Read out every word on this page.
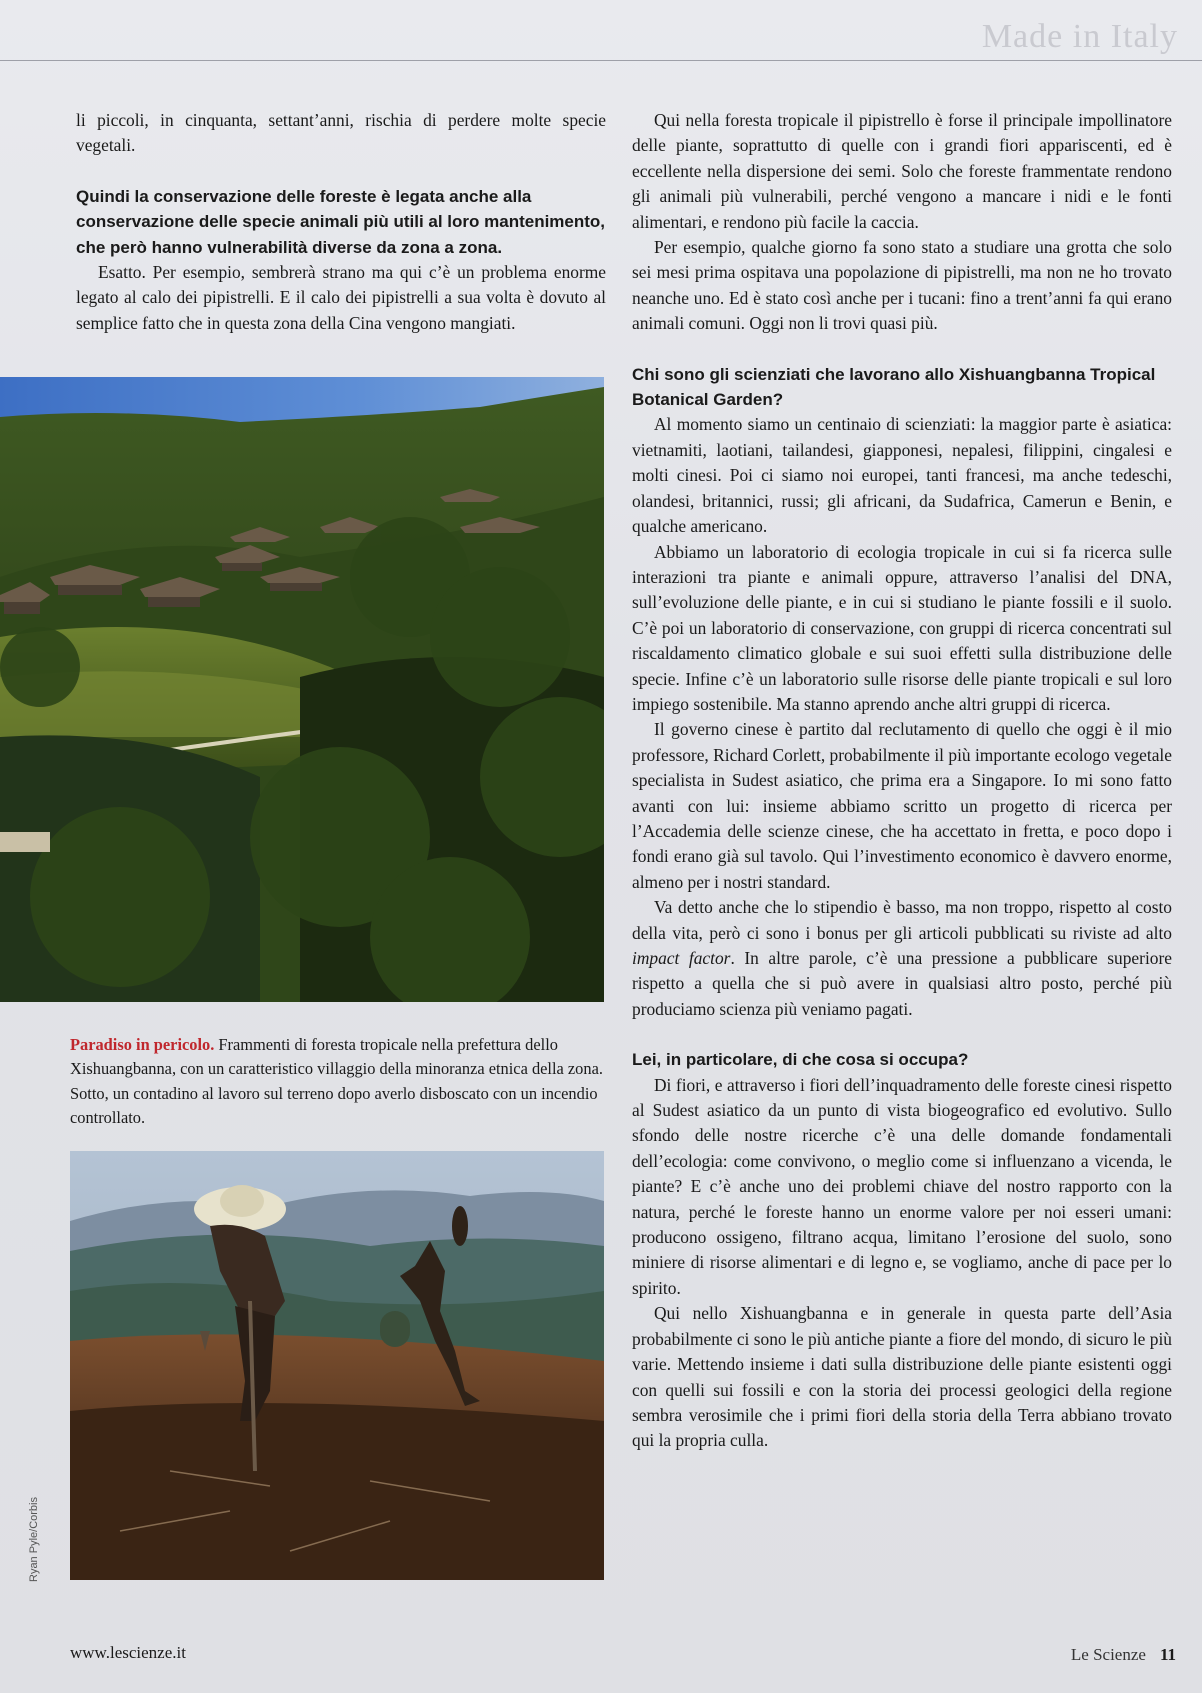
Made in Italy

li piccoli, in cinquanta, settant’anni, rischia di perdere molte specie vegetali.

Quindi la conservazione delle foreste è legata anche alla conservazione delle specie animali più utili al loro mantenimento, che però hanno vulnerabilità diverse da zona a zona.

Esatto. Per esempio, sembrerà strano ma qui c’è un problema enorme legato al calo dei pipistrelli. E il calo dei pipistrelli a sua volta è dovuto al semplice fatto che in questa zona della Cina vengono mangiati.

Paradiso in pericolo. Frammenti di foresta tropicale nella prefettura dello Xishuangbanna, con un caratteristico villaggio della minoranza etnica della zona. Sotto, un contadino al lavoro sul terreno dopo averlo disboscato con un incendio controllato.
Ryan Pyle/Corbis

Qui nella foresta tropicale il pipistrello è forse il principale impollinatore delle piante, soprattutto di quelle con i grandi fiori appariscenti, ed è eccellente nella dispersione dei semi. Solo che foreste frammentate rendono gli animali più vulnerabili, perché vengono a mancare i nidi e le fonti alimentari, e rendono più facile la caccia.

Per esempio, qualche giorno fa sono stato a studiare una grotta che solo sei mesi prima ospitava una popolazione di pipistrelli, ma non ne ho trovato neanche uno. Ed è stato così anche per i tucani: fino a trent’anni fa qui erano animali comuni. Oggi non li trovi quasi più.

Chi sono gli scienziati che lavorano allo Xishuangbanna Tropical Botanical Garden?

Al momento siamo un centinaio di scienziati: la maggior parte è asiatica: vietnamiti, laotiani, tailandesi, giapponesi, nepalesi, filippini, cingalesi e molti cinesi. Poi ci siamo noi europei, tanti francesi, ma anche tedeschi, olandesi, britannici, russi; gli africani, da Sudafrica, Camerun e Benin, e qualche americano.

Abbiamo un laboratorio di ecologia tropicale in cui si fa ricerca sulle interazioni tra piante e animali oppure, attraverso l’analisi del DNA, sull’evoluzione delle piante, e in cui si studiano le piante fossili e il suolo. C’è poi un laboratorio di conservazione, con gruppi di ricerca concentrati sul riscaldamento climatico globale e sui suoi effetti sulla distribuzione delle specie. Infine c’è un laboratorio sulle risorse delle piante tropicali e sul loro impiego sostenibile. Ma stanno aprendo anche altri gruppi di ricerca.

Il governo cinese è partito dal reclutamento di quello che oggi è il mio professore, Richard Corlett, probabilmente il più importante ecologo vegetale specialista in Sudest asiatico, che prima era a Singapore. Io mi sono fatto avanti con lui: insieme abbiamo scritto un progetto di ricerca per l’Accademia delle scienze cinese, che ha accettato in fretta, e poco dopo i fondi erano già sul tavolo. Qui l’investimento economico è davvero enorme, almeno per i nostri standard.

Va detto anche che lo stipendio è basso, ma non troppo, rispetto al costo della vita, però ci sono i bonus per gli articoli pubblicati su riviste ad alto impact factor. In altre parole, c’è una pressione a pubblicare superiore rispetto a quella che si può avere in qualsiasi altro posto, perché più produciamo scienza più veniamo pagati.

Lei, in particolare, di che cosa si occupa?

Di fiori, e attraverso i fiori dell’inquadramento delle foreste cinesi rispetto al Sudest asiatico da un punto di vista biogeografico ed evolutivo. Sullo sfondo delle nostre ricerche c’è una delle domande fondamentali dell’ecologia: come convivono, o meglio come si influenzano a vicenda, le piante? E c’è anche uno dei problemi chiave del nostro rapporto con la natura, perché le foreste hanno un enorme valore per noi esseri umani: producono ossigeno, filtrano acqua, limitano l’erosione del suolo, sono miniere di risorse alimentari e di legno e, se vogliamo, anche di pace per lo spirito.

Qui nello Xishuangbanna e in generale in questa parte dell’Asia probabilmente ci sono le più antiche piante a fiore del mondo, di sicuro le più varie. Mettendo insieme i dati sulla distribuzione delle piante esistenti oggi con quelli sui fossili e con la storia dei processi geologici della regione sembra verosimile che i primi fiori della storia della Terra abbiano trovato qui la propria culla.

www.lescienze.it	Le Scienze 11
